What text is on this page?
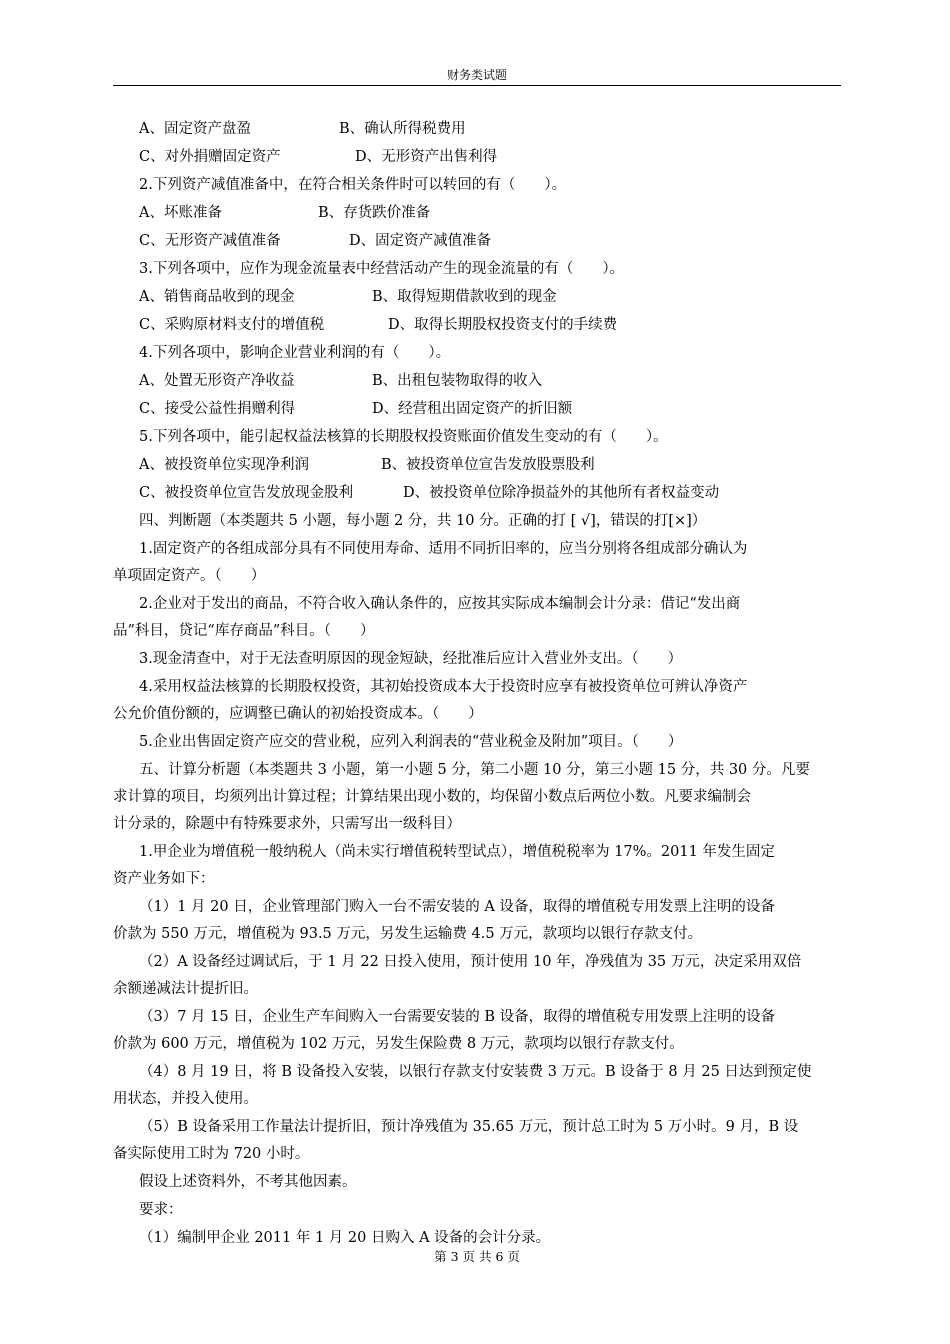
财务类试题

A、固定资产盘盈

	B、确认所得税费用

C、对外捐赠固定资产

	D、无形资产出售利得

2.下列资产减值准备中，在符合相关条件时可以转回的有（　　）。

A、坏账准备

	B、存货跌价准备

C、无形资产减值准备

	D、固定资产减值准备

3.下列各项中，应作为现金流量表中经营活动产生的现金流量的有（　　）。

A、销售商品收到的现金

	B、取得短期借款收到的现金

C、采购原材料支付的增值税

	D、取得长期股权投资支付的手续费

4.下列各项中，影响企业营业利润的有（　　）。

A、处置无形资产净收益

	B、出租包装物取得的收入

C、接受公益性捐赠利得

	D、经营租出固定资产的折旧额

5.下列各项中，能引起权益法核算的长期股权投资账面价值发生变动的有（　　）。

A、被投资单位实现净利润

	B、被投资单位宣告发放股票股利

C、被投资单位宣告发放现金股利

	D、被投资单位除净损益外的其他所有者权益变动

四、判断题（本类题共 5 小题，每小题 2 分，共 10 分。正确的打 [ √]，错误的打[×]）
1.固定资产的各组成部分具有不同使用寿命、适用不同折旧率的，应当分别将各组成部分确认为
单项固定资产。（　　）
2.企业对于发出的商品，不符合收入确认条件的，应按其实际成本编制会计分录：借记“发出商
品”科目，贷记“库存商品”科目。（　　）
3.现金清查中，对于无法查明原因的现金短缺，经批准后应计入营业外支出。（　　）
4.采用权益法核算的长期股权投资，其初始投资成本大于投资时应享有被投资单位可辨认净资产
公允价值份额的，应调整已确认的初始投资成本。（　　）
5.企业出售固定资产应交的营业税，应列入利润表的“营业税金及附加”项目。（　　）
五、计算分析题（本类题共 3 小题，第一小题 5 分，第二小题 10 分，第三小题 15 分，共 30 分。凡要
求计算的项目，均须列出计算过程；计算结果出现小数的，均保留小数点后两位小数。凡要求编制会
计分录的，除题中有特殊要求外，只需写出一级科目）
1.甲企业为增值税一般纳税人（尚未实行增值税转型试点），增值税税率为 17%。2011 年发生固定
资产业务如下：
（1）1 月 20 日，企业管理部门购入一台不需安装的 A 设备，取得的增值税专用发票上注明的设备
价款为 550 万元，增值税为 93.5 万元，另发生运输费 4.5 万元，款项均以银行存款支付。
（2）A 设备经过调试后，于 1 月 22 日投入使用，预计使用 10 年，净残值为 35 万元，决定采用双倍
余额递减法计提折旧。
（3）7 月 15 日，企业生产车间购入一台需要安装的 B 设备，取得的增值税专用发票上注明的设备
价款为 600 万元，增值税为 102 万元，另发生保险费 8 万元，款项均以银行存款支付。
（4）8 月 19 日，将 B 设备投入安装，以银行存款支付安装费 3 万元。B 设备于 8 月 25 日达到预定使
用状态，并投入使用。
（5）B 设备采用工作量法计提折旧，预计净残值为 35.65 万元，预计总工时为 5 万小时。9 月，B 设
备实际使用工时为 720 小时。
假设上述资料外，不考其他因素。
要求：
（1）编制甲企业 2011 年 1 月 20 日购入 A 设备的会计分录。
第 3 页 共 6 页
